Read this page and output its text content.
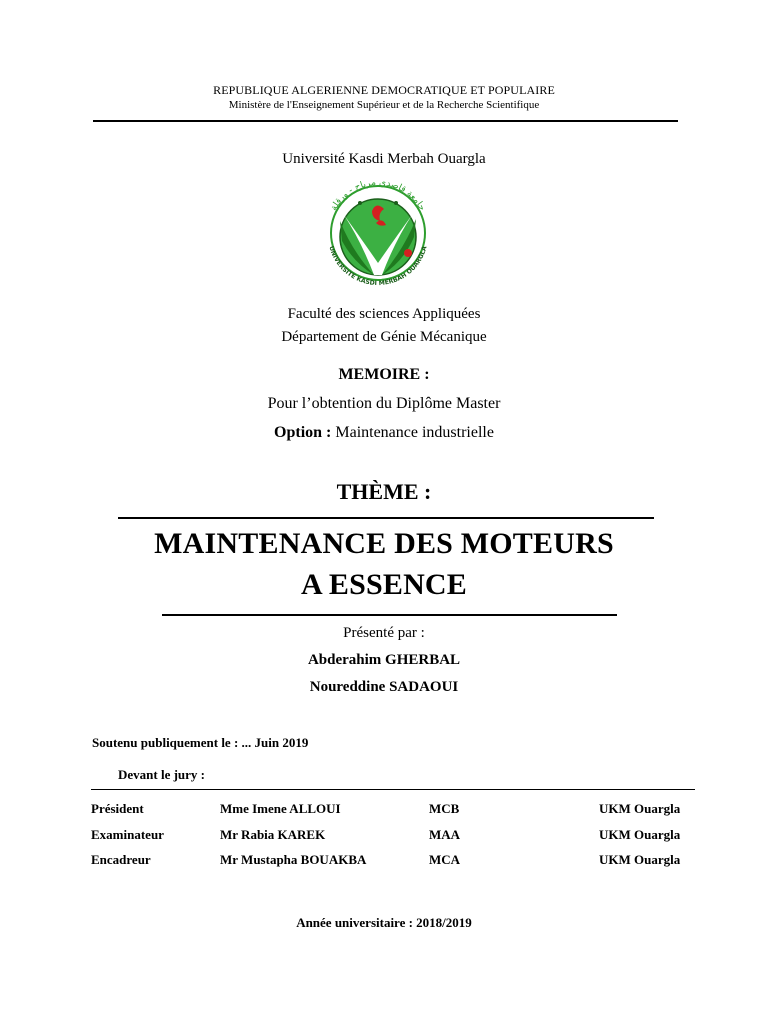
REPUBLIQUE ALGERIENNE DEMOCRATIQUE ET POPULAIRE
Ministère de l'Enseignement Supérieur et de la Recherche Scientifique
Université Kasdi Merbah Ouargla
جامعة قاصدي مرباح - ورقلة
UNIVERSITE KASDI MERBAH OUARGLA
Faculté des sciences Appliquées
Département de Génie Mécanique
MEMOIRE :
Pour l’obtention du Diplôme Master
Option : Maintenance industrielle
THÈME :
MAINTENANCE DES MOTEURS
A ESSENCE
Présenté par :
Abderahim GHERBAL
Noureddine SADAOUI
Soutenu publiquement le : ... Juin 2019
Devant le jury :
Président	Mme Imene ALLOUI	MCB	UKM Ouargla
Examinateur	Mr Rabia KAREK	MAA	UKM Ouargla
Encadreur	Mr Mustapha BOUAKBA	MCA	UKM Ouargla
Année universitaire : 2018/2019
